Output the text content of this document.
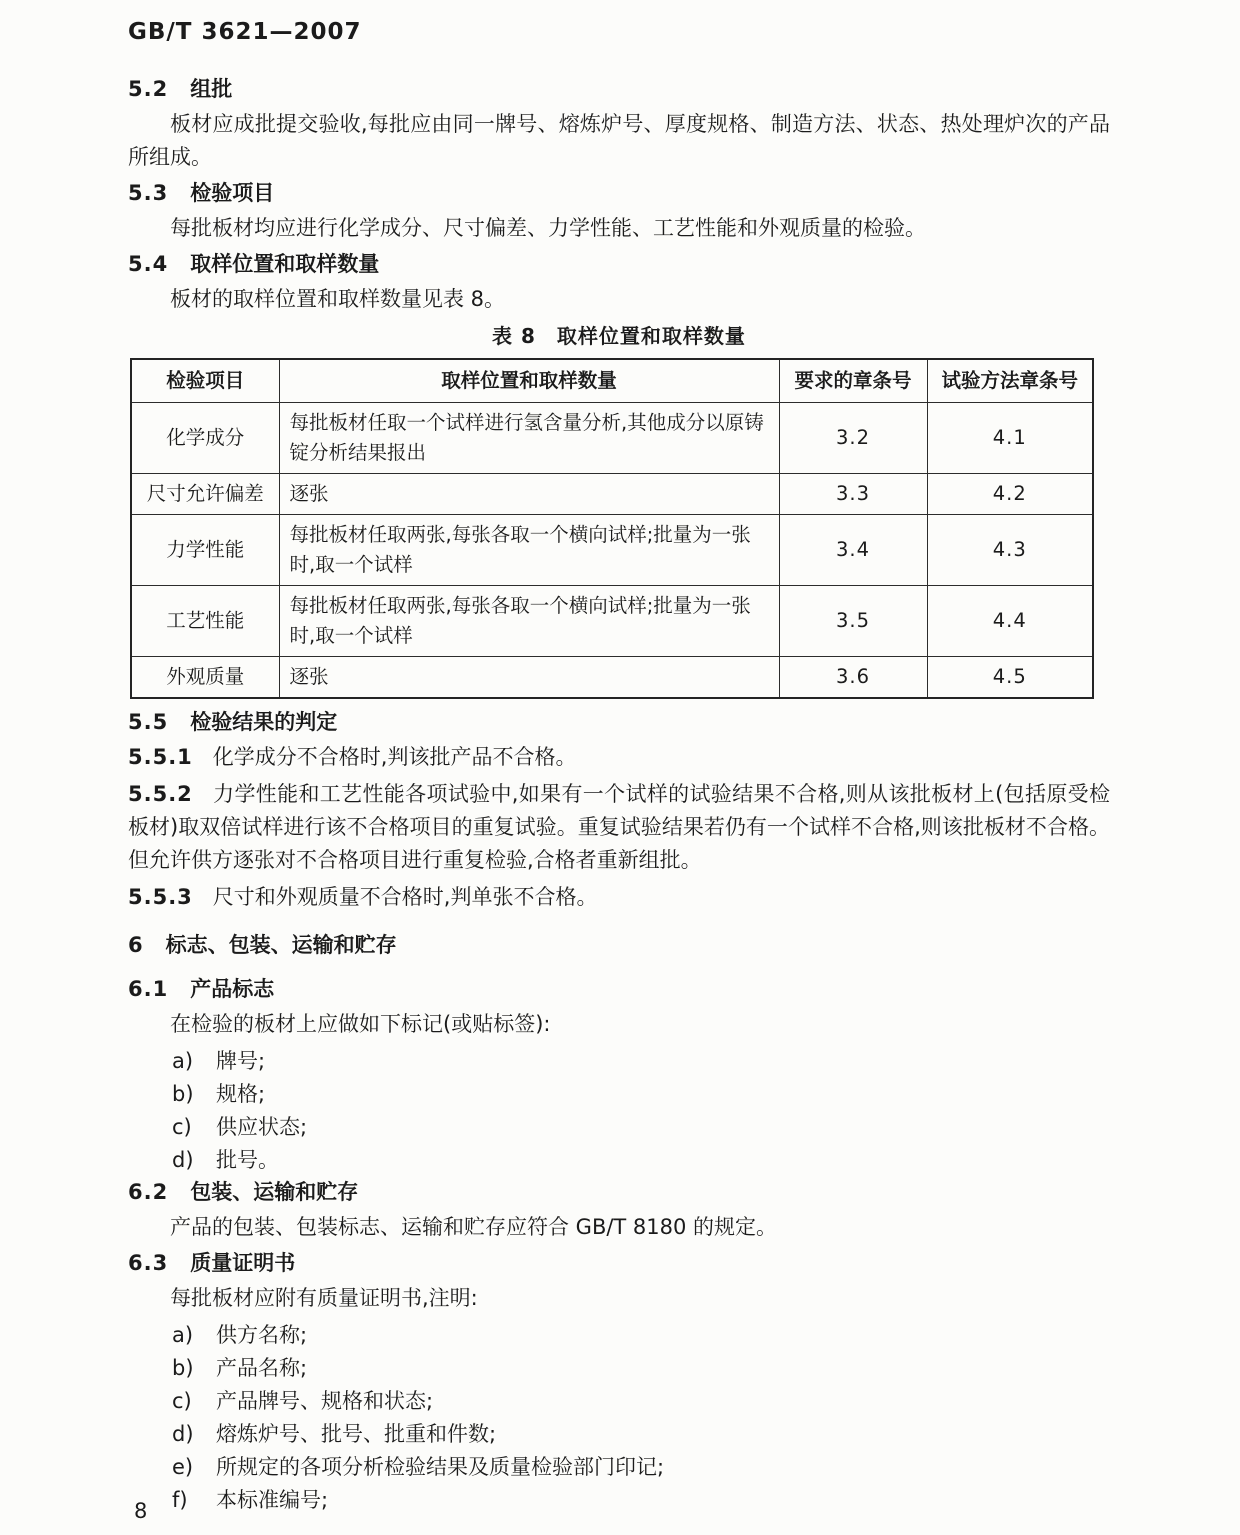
GB/T 3621—2007
5.2 组批

板材应成批提交验收,每批应由同一牌号、熔炼炉号、厚度规格、制造方法、状态、热处理炉次的产品所组成。

5.3 检验项目

每批板材均应进行化学成分、尺寸偏差、力学性能、工艺性能和外观质量的检验。

5.4 取样位置和取样数量

板材的取样位置和取样数量见表 8。

表 8　取样位置和取样数量
检验项目	取样位置和取样数量	要求的章条号	试验方法章条号
化学成分	每批板材任取一个试样进行氢含量分析,其他成分以原铸锭分析结果报出	3.2	4.1
尺寸允许偏差	逐张	3.3	4.2
力学性能	每批板材任取两张,每张各取一个横向试样;批量为一张时,取一个试样	3.4	4.3
工艺性能	每批板材任取两张,每张各取一个横向试样;批量为一张时,取一个试样	3.5	4.4
外观质量	逐张	3.6	4.5
5.5 检验结果的判定

5.5.1 化学成分不合格时,判该批产品不合格。

5.5.2 力学性能和工艺性能各项试验中,如果有一个试样的试验结果不合格,则从该批板材上(包括原受检板材)取双倍试样进行该不合格项目的重复试验。重复试验结果若仍有一个试样不合格,则该批板材不合格。但允许供方逐张对不合格项目进行重复检验,合格者重新组批。

5.5.3 尺寸和外观质量不合格时,判单张不合格。

6 标志、包装、运输和贮存
6.1 产品标志

在检验的板材上应做如下标记(或贴标签):

a) 牌号;
b) 规格;
c) 供应状态;
d) 批号。
6.2 包装、运输和贮存

产品的包装、包装标志、运输和贮存应符合 GB/T 8180 的规定。

6.3 质量证明书

每批板材应附有质量证明书,注明:

a) 供方名称;
b) 产品名称;
c) 产品牌号、规格和状态;
d) 熔炼炉号、批号、批重和件数;
e) 所规定的各项分析检验结果及质量检验部门印记;
f) 本标准编号;
8
